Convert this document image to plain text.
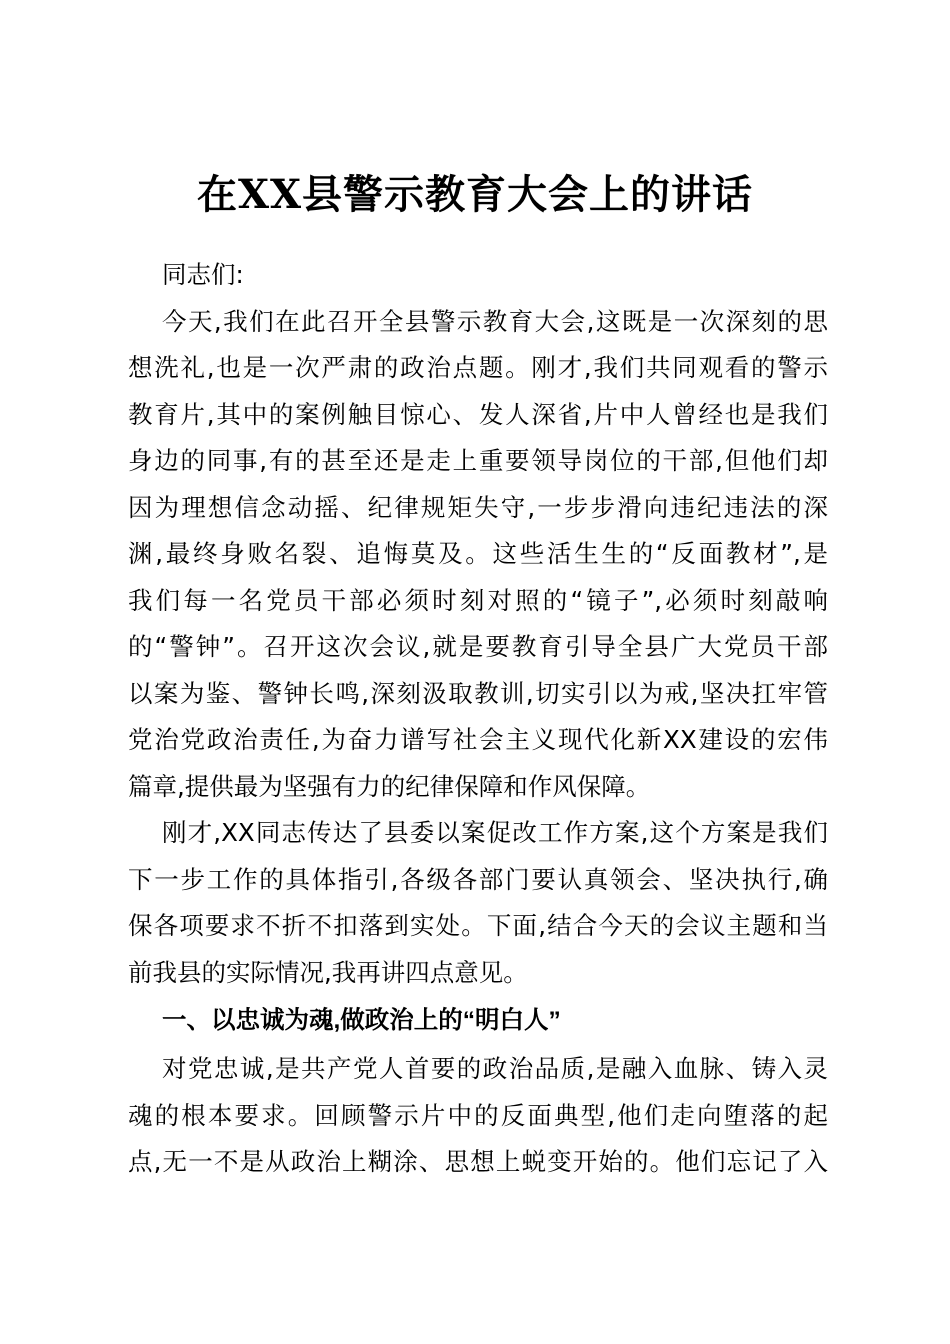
在XX县警示教育大会上的讲话
同志们:
今天,我们在此召开全县警示教育大会,这既是一次深刻的思
想洗礼,也是一次严肃的政治点题。刚才,我们共同观看的警示
教育片,其中的案例触目惊心、发人深省,片中人曾经也是我们
身边的同事,有的甚至还是走上重要领导岗位的干部,但他们却
因为理想信念动摇、纪律规矩失守,一步步滑向违纪违法的深
渊,最终身败名裂、追悔莫及。这些活生生的“反面教材”,是
我们每一名党员干部必须时刻对照的“镜子”,必须时刻敲响
的“警钟”。召开这次会议,就是要教育引导全县广大党员干部
以案为鉴、警钟长鸣,深刻汲取教训,切实引以为戒,坚决扛牢管
党治党政治责任,为奋力谱写社会主义现代化新XX建设的宏伟
篇章,提供最为坚强有力的纪律保障和作风保障。
刚才,XX同志传达了县委以案促改工作方案,这个方案是我们
下一步工作的具体指引,各级各部门要认真领会、坚决执行,确
保各项要求不折不扣落到实处。下面,结合今天的会议主题和当
前我县的实际情况,我再讲四点意见。
一、以忠诚为魂,做政治上的“明白人”
对党忠诚,是共产党人首要的政治品质,是融入血脉、铸入灵
魂的根本要求。回顾警示片中的反面典型,他们走向堕落的起
点,无一不是从政治上糊涂、思想上蜕变开始的。他们忘记了入
